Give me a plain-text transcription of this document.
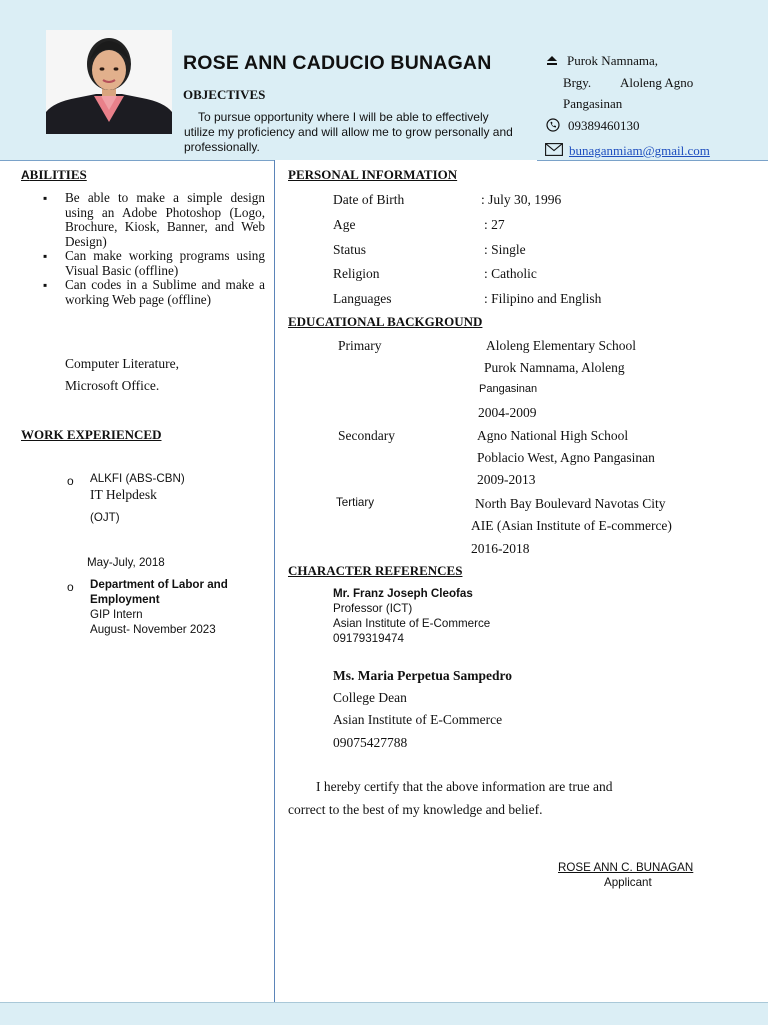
ROSE ANN CADUCIO BUNAGAN
OBJECTIVES
To pursue opportunity where I will be able to effectively utilize my proficiency and will allow me to grow personally and professionally.
Purok Namnama,
Brgy. Aloleng Agno
Pangasinan
09389460130
bunaganmiam@gmail.com
ABILITIES
▪ Be able to make a simple design using an Adobe Photoshop (Logo, Brochure, Kiosk, Banner, and Web Design)
▪ Can make working programs using Visual Basic (offline)
▪ Can codes in a Sublime and make a working Web page (offline)
Computer Literature,
Microsoft Office.
WORK EXPERIENCED
o ALKFI (ABS-CBN)
IT Helpdesk
(OJT)
May-July, 2018
o Department of Labor and
Employment
GIP Intern
August- November 2023
PERSONAL INFORMATION
Date of Birth	: July 30, 1996
Age	: 27
Status	: Single
Religion	: Catholic
Languages	: Filipino and English
EDUCATIONAL BACKGROUND
Primary	Aloleng Elementary School
Purok Namnama, Aloleng
Pangasinan
2004-2009
Secondary	Agno National High School
Poblacio West, Agno Pangasinan
2009-2013
Tertiary	North Bay Boulevard Navotas City
AIE (Asian Institute of E-commerce)
2016-2018
CHARACTER REFERENCES
Mr. Franz Joseph Cleofas
Professor (ICT)
Asian Institute of E-Commerce
09179319474
Ms. Maria Perpetua Sampedro
College Dean
Asian Institute of E-Commerce
09075427788
I hereby certify that the above information are true and
correct to the best of my knowledge and belief.
ROSE ANN C. BUNAGAN
Applicant
